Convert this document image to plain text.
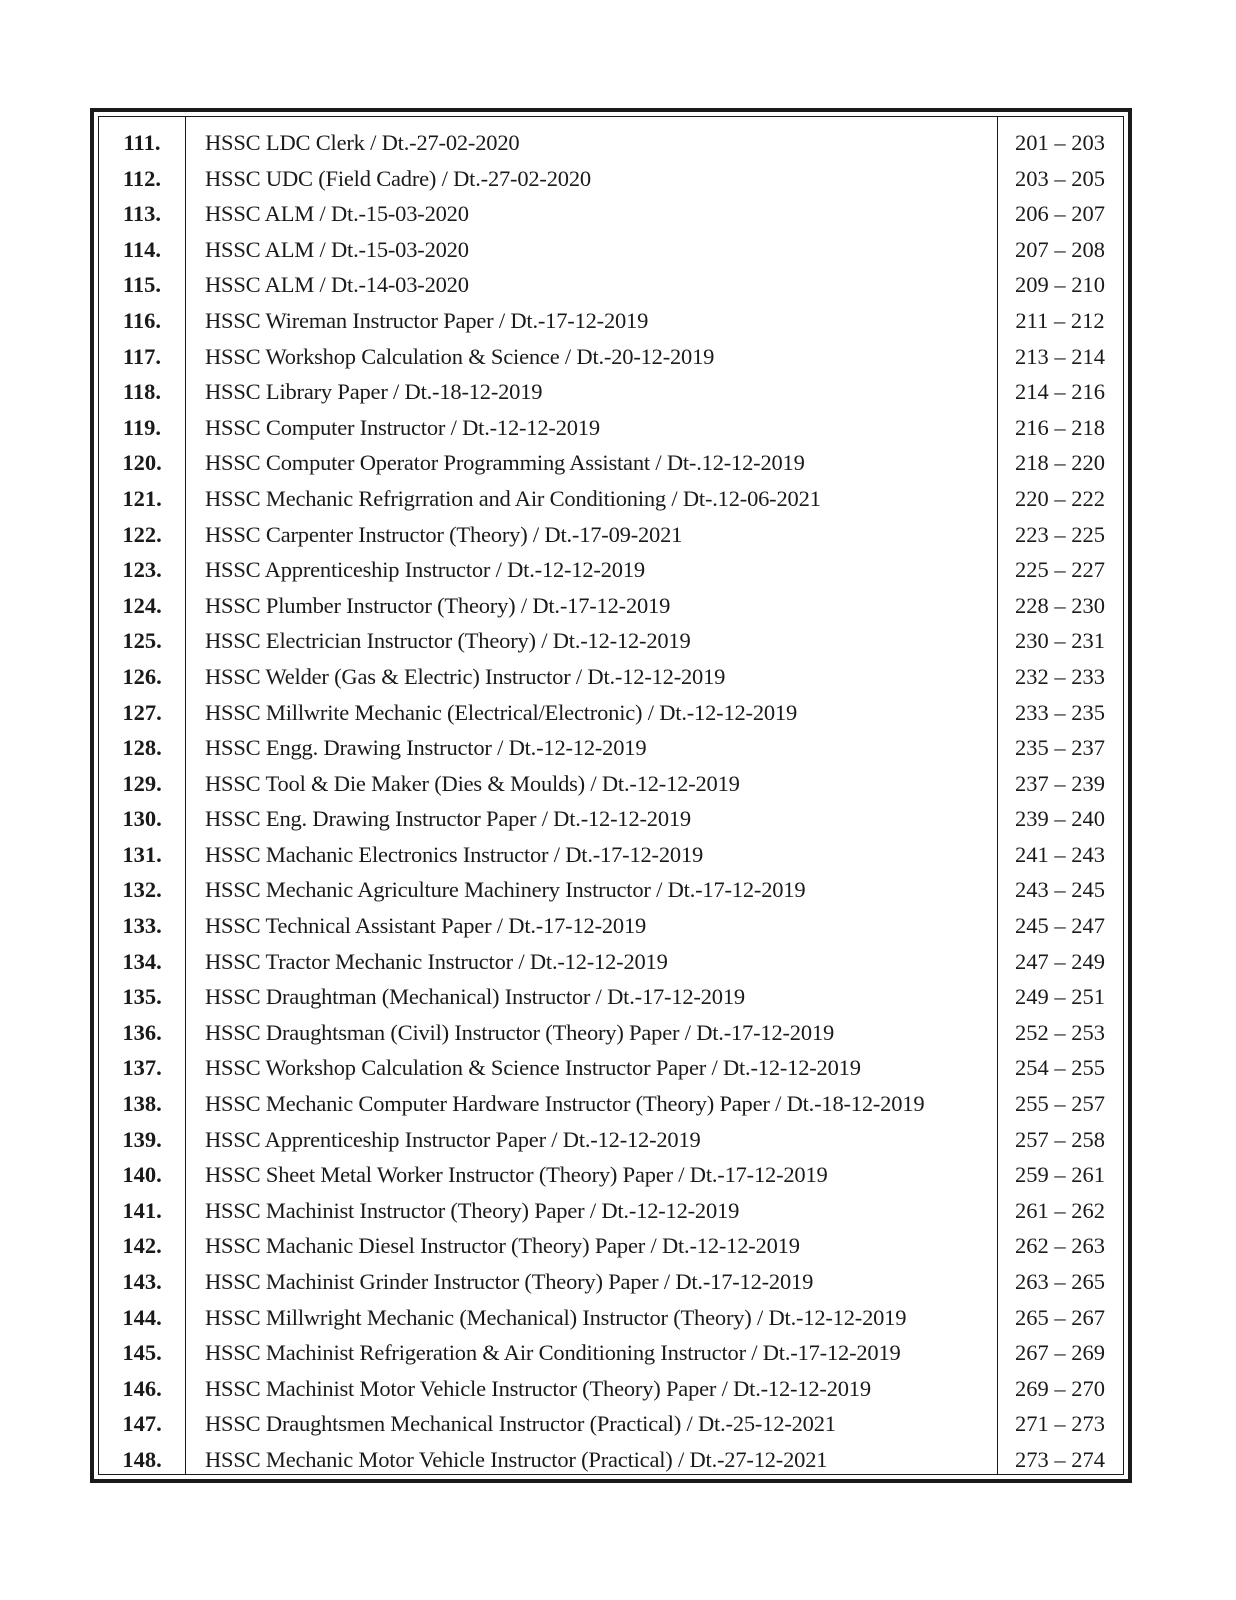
111.	HSSC LDC Clerk / Dt.-27-02-2020	201 – 203
112.	HSSC UDC (Field Cadre) / Dt.-27-02-2020	203 – 205
113.	HSSC ALM / Dt.-15-03-2020	206 – 207
114.	HSSC ALM / Dt.-15-03-2020	207 – 208
115.	HSSC ALM / Dt.-14-03-2020	209 – 210
116.	HSSC Wireman Instructor Paper / Dt.-17-12-2019	211 – 212
117.	HSSC Workshop Calculation & Science / Dt.-20-12-2019	213 – 214
118.	HSSC Library Paper / Dt.-18-12-2019	214 – 216
119.	HSSC Computer Instructor / Dt.-12-12-2019	216 – 218
120.	HSSC Computer Operator Programming Assistant / Dt-.12-12-2019	218 – 220
121.	HSSC Mechanic Refrigrration and Air Conditioning / Dt-.12-06-2021	220 – 222
122.	HSSC Carpenter Instructor (Theory) / Dt.-17-09-2021	223 – 225
123.	HSSC Apprenticeship Instructor / Dt.-12-12-2019	225 – 227
124.	HSSC Plumber Instructor (Theory) / Dt.-17-12-2019	228 – 230
125.	HSSC Electrician Instructor (Theory) / Dt.-12-12-2019	230 – 231
126.	HSSC Welder (Gas & Electric) Instructor / Dt.-12-12-2019	232 – 233
127.	HSSC Millwrite Mechanic (Electrical/Electronic) / Dt.-12-12-2019	233 – 235
128.	HSSC Engg. Drawing Instructor / Dt.-12-12-2019	235 – 237
129.	HSSC Tool & Die Maker (Dies & Moulds) / Dt.-12-12-2019	237 – 239
130.	HSSC Eng. Drawing Instructor Paper / Dt.-12-12-2019	239 – 240
131.	HSSC Machanic Electronics Instructor / Dt.-17-12-2019	241 – 243
132.	HSSC Mechanic Agriculture Machinery Instructor / Dt.-17-12-2019	243 – 245
133.	HSSC Technical Assistant Paper / Dt.-17-12-2019	245 – 247
134.	HSSC Tractor Mechanic Instructor / Dt.-12-12-2019	247 – 249
135.	HSSC Draughtman (Mechanical) Instructor / Dt.-17-12-2019	249 – 251
136.	HSSC Draughtsman (Civil) Instructor (Theory) Paper / Dt.-17-12-2019	252 – 253
137.	HSSC Workshop Calculation & Science Instructor Paper / Dt.-12-12-2019	254 – 255
138.	HSSC Mechanic Computer Hardware Instructor (Theory) Paper / Dt.-18-12-2019	255 – 257
139.	HSSC Apprenticeship Instructor Paper / Dt.-12-12-2019	257 – 258
140.	HSSC Sheet Metal Worker Instructor (Theory) Paper / Dt.-17-12-2019	259 – 261
141.	HSSC Machinist Instructor (Theory) Paper / Dt.-12-12-2019	261 – 262
142.	HSSC Machanic Diesel Instructor (Theory) Paper / Dt.-12-12-2019	262 – 263
143.	HSSC Machinist Grinder Instructor (Theory) Paper / Dt.-17-12-2019	263 – 265
144.	HSSC Millwright Mechanic (Mechanical) Instructor (Theory) / Dt.-12-12-2019	265 – 267
145.	HSSC Machinist Refrigeration & Air Conditioning Instructor / Dt.-17-12-2019	267 – 269
146.	HSSC Machinist Motor Vehicle Instructor (Theory) Paper / Dt.-12-12-2019	269 – 270
147.	HSSC Draughtsmen Mechanical Instructor (Practical) / Dt.-25-12-2021	271 – 273
148.	HSSC Mechanic Motor Vehicle Instructor (Practical) / Dt.-27-12-2021	273 – 274
